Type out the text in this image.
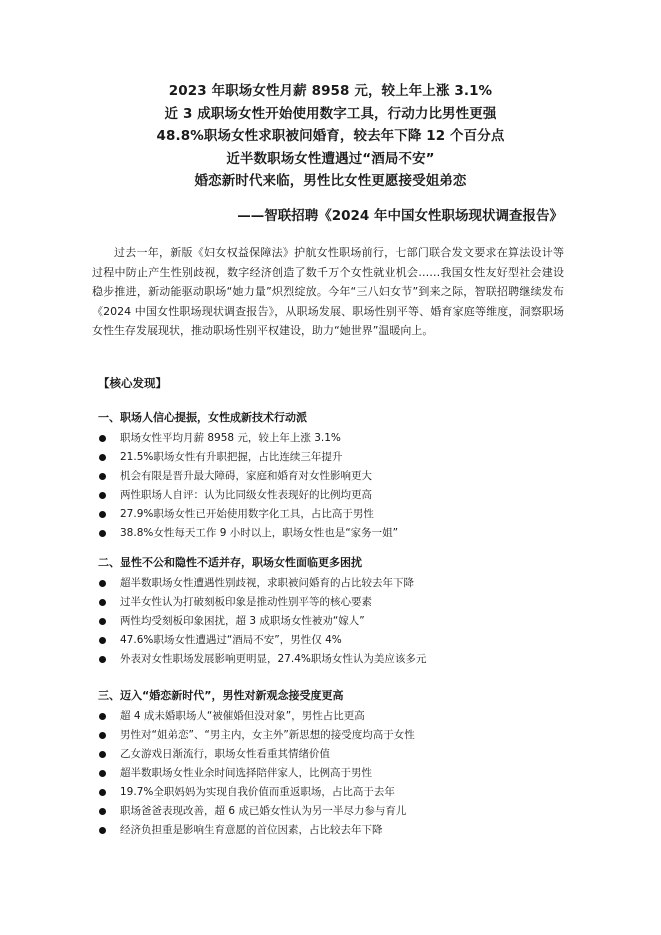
2023 年职场女性月薪 8958 元，较上年上涨 3.1%
近 3 成职场女性开始使用数字工具，行动力比男性更强
48.8%职场女性求职被问婚育，较去年下降 12 个百分点
近半数职场女性遭遇过“酒局不安”
婚恋新时代来临，男性比女性更愿接受姐弟恋
——智联招聘《2024 年中国女性职场现状调查报告》

过去一年，新版《妇女权益保障法》护航女性职场前行，七部门联合发文要求在算法设计等过程中防止产生性别歧视，数字经济创造了数千万个女性就业机会……我国女性友好型社会建设稳步推进，新动能驱动职场“她力量”炽烈绽放。今年“三八妇女节”到来之际，智联招聘继续发布《2024 中国女性职场现状调查报告》，从职场发展、职场性别平等、婚育家庭等维度，洞察职场女性生存发展现状，推动职场性别平权建设，助力“她世界”温暖向上。

【核心发现】
一、职场人信心提振，女性成新技术行动派
职场女性平均月薪 8958 元，较上年上涨 3.1%
21.5%职场女性有升职把握，占比连续三年提升
机会有限是晋升最大障碍，家庭和婚育对女性影响更大
两性职场人自评：认为比同级女性表现好的比例均更高
27.9%职场女性已开始使用数字化工具，占比高于男性
38.8%女性每天工作 9 小时以上，职场女性也是“家务一姐”
二、显性不公和隐性不适并存，职场女性面临更多困扰
超半数职场女性遭遇性别歧视，求职被问婚育的占比较去年下降
过半女性认为打破刻板印象是推动性别平等的核心要素
两性均受刻板印象困扰，超 3 成职场女性被劝“嫁人”
47.6%职场女性遭遇过“酒局不安”，男性仅 4%
外表对女性职场发展影响更明显，27.4%职场女性认为美应该多元
三、迈入“婚恋新时代”，男性对新观念接受度更高
超 4 成未婚职场人“被催婚但没对象”，男性占比更高
男性对“姐弟恋”、“男主内，女主外”新思想的接受度均高于女性
乙女游戏日渐流行，职场女性看重其情绪价值
超半数职场女性业余时间选择陪伴家人，比例高于男性
19.7%全职妈妈为实现自我价值而重返职场，占比高于去年
职场爸爸表现改善，超 6 成已婚女性认为另一半尽力参与育儿
经济负担重是影响生育意愿的首位因素，占比较去年下降
